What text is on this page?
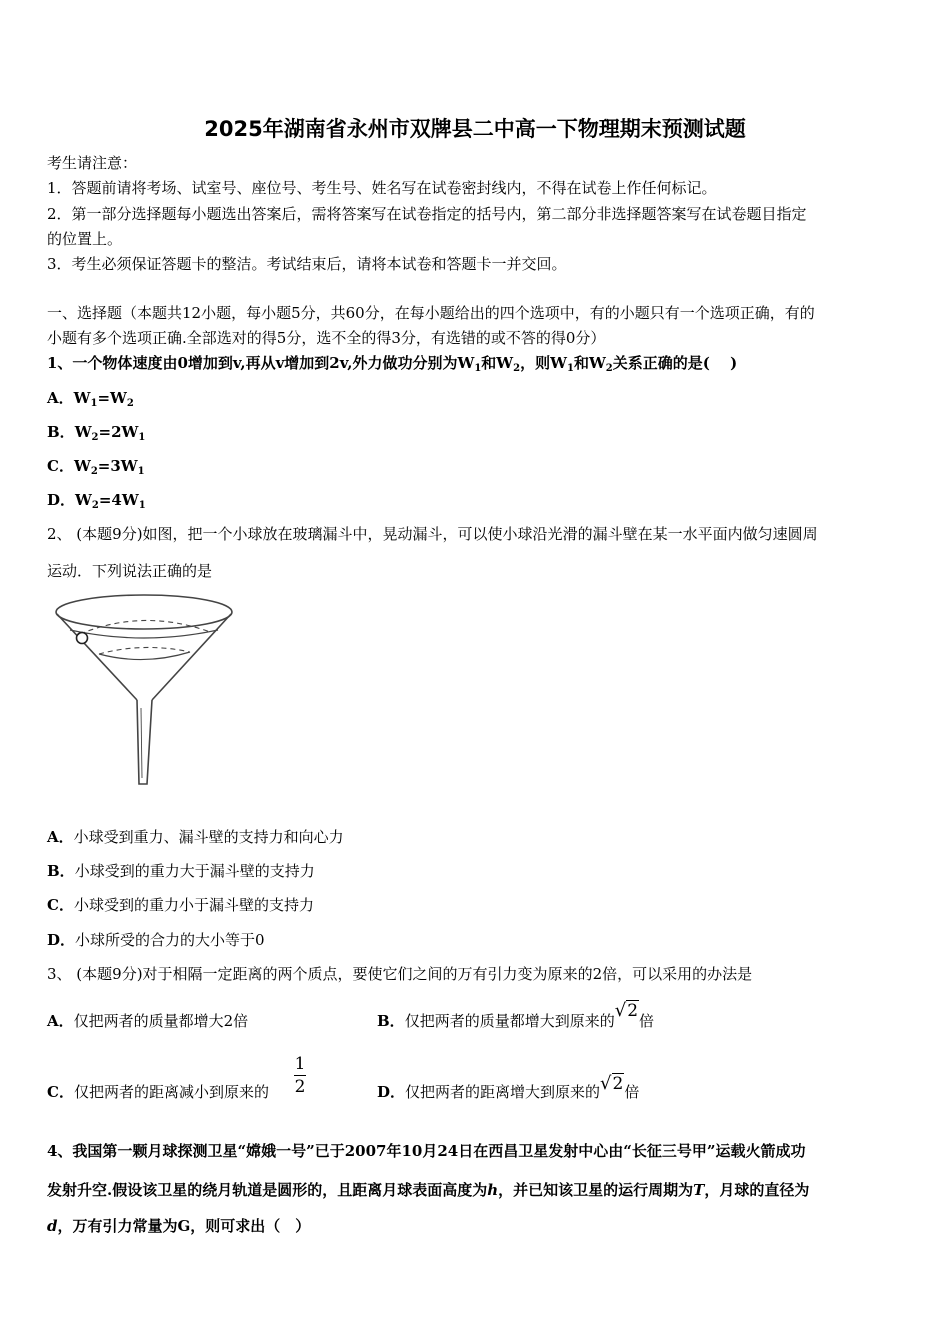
2025年湖南省永州市双牌县二中高一下物理期末预测试题
考生请注意：
1．答题前请将考场、试室号、座位号、考生号、姓名写在试卷密封线内，不得在试卷上作任何标记。
2．第一部分选择题每小题选出答案后，需将答案写在试卷指定的括号内，第二部分非选择题答案写在试卷题目指定
的位置上。
3．考生必须保证答题卡的整洁。考试结束后，请将本试卷和答题卡一并交回。
一、选择题（本题共12小题，每小题5分，共60分，在每小题给出的四个选项中，有的小题只有一个选项正确，有的
小题有多个选项正确.全部选对的得5分，选不全的得3分，有选错的或不答的得0分）
1、一个物体速度由0增加到v,再从v增加到2v,外力做功分别为$W_1$和$W_2$，则$W_1$和$W_2$关系正确的是(　 )
A．$W_1=W_2$
B．$W_2=2W_1$
C．$W_2=3W_1$
D．$W_2=4W_1$
2、 (本题9分)如图，把一个小球放在玻璃漏斗中，晃动漏斗，可以使小球沿光滑的漏斗壁在某一水平面内做匀速圆周
运动．下列说法正确的是
A．小球受到重力、漏斗壁的支持力和向心力
B．小球受到的重力大于漏斗壁的支持力
C．小球受到的重力小于漏斗壁的支持力
D．小球所受的合力的大小等于0
3、 (本题9分)对于相隔一定距离的两个质点，要使它们之间的万有引力变为原来的2倍，可以采用的办法是
A．仅把两者的质量都增大2倍	B．仅把两者的质量都增大到原来的√2倍
C．仅把两者的距离减小到原来的
1
2	D．仅把两者的距离增大到原来的√2倍
4、我国第一颗月球探测卫星“嫦娥一号”已于2007年10月24日在西昌卫星发射中心由“长征三号甲”运载火箭成功
发射升空.假设该卫星的绕月轨道是圆形的，且距离月球表面高度为h，并已知该卫星的运行周期为T，月球的直径为
d，万有引力常量为G，则可求出（　）
